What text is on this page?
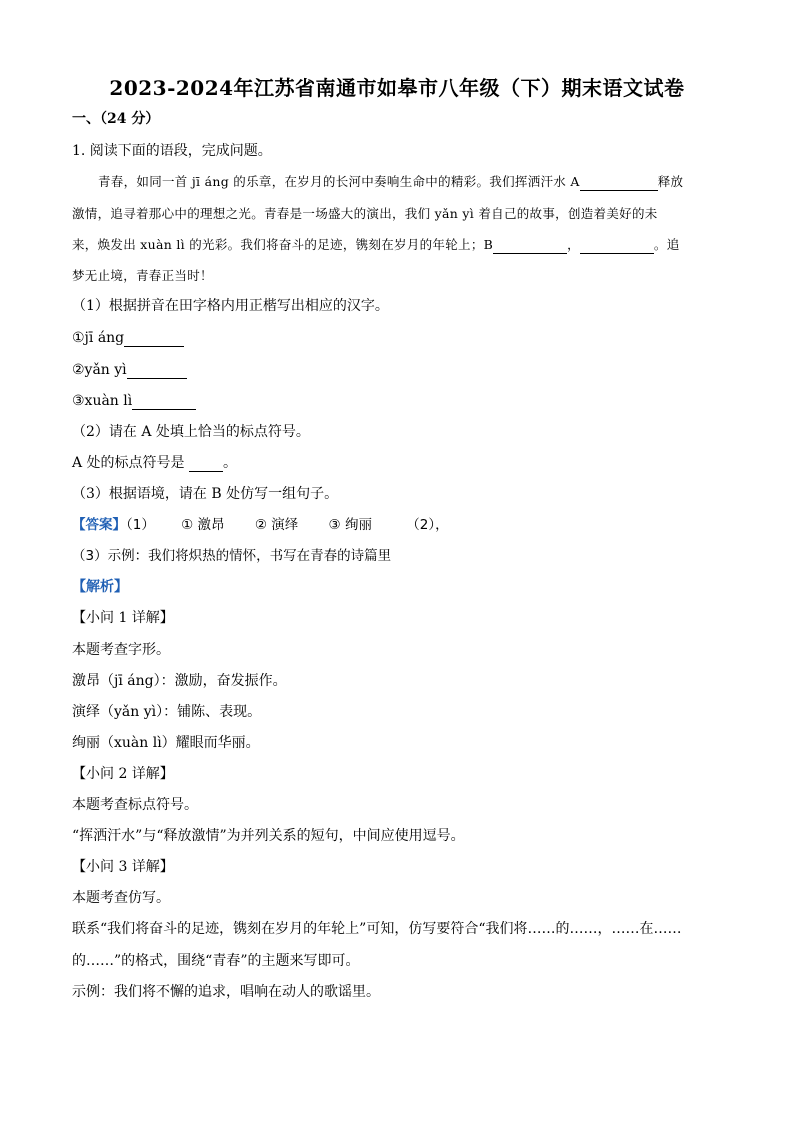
2023-2024年江苏省南通市如皋市八年级（下）期末语文试卷
一、（24 分）
1. 阅读下面的语段，完成问题。
青春，如同一首 jī áng 的乐章，在岁月的长河中奏响生命中的精彩。我们挥洒汗水 A	释放
激情，追寻着那心中的理想之光。青春是一场盛大的演出，我们 yǎn yì 着自己的故事，创造着美好的未
来，焕发出 xuàn lì 的光彩。我们将奋斗的足迹，镌刻在岁月的年轮上；B	，	。追
梦无止境，青春正当时！
（1）根据拼音在田字格内用正楷写出相应的汉字。
①jī áng
②yǎn yì
③xuàn lì
（2）请在 A 处填上恰当的标点符号。
A 处的标点符号是	。
（3）根据语境，请在 B 处仿写一组句子。
【答案】（1） ① 激昂 ② 演绎 ③ 绚丽	（2），
（3）示例：我们将炽热的情怀，书写在青春的诗篇里
【解析】
【小问 1 详解】
本题考查字形。
激昂（jī áng）：激励，奋发振作。
演绎（yǎn yì）：铺陈、表现。
绚丽（xuàn lì）耀眼而华丽。
【小问 2 详解】
本题考查标点符号。
“挥洒汗水”与“释放激情”为并列关系的短句，中间应使用逗号。
【小问 3 详解】
本题考查仿写。
联系“我们将奋斗的足迹，镌刻在岁月的年轮上”可知，仿写要符合“我们将……的……，……在……
的……”的格式，围绕“青春”的主题来写即可。
示例：我们将不懈的追求，唱响在动人的歌谣里。
